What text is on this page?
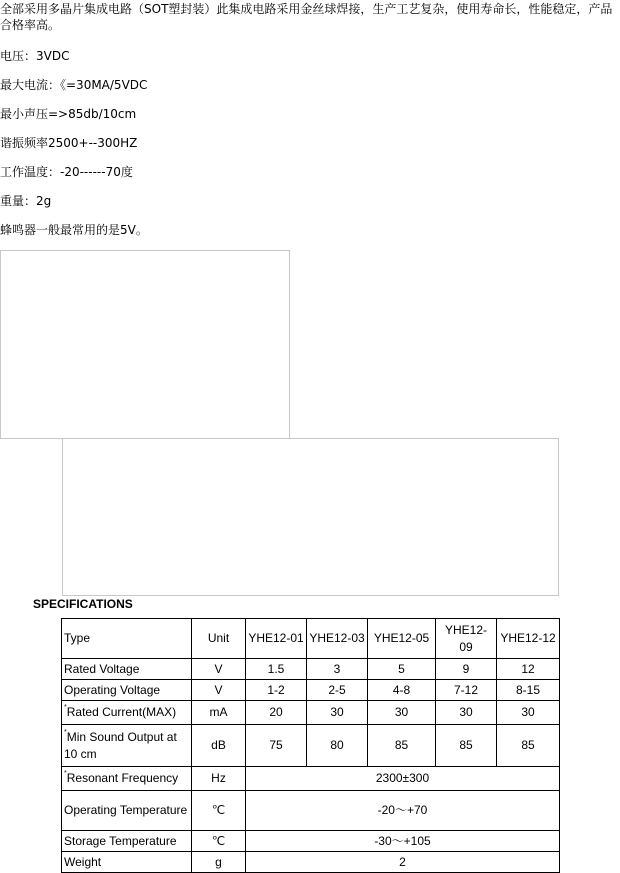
全部采用多晶片集成电路（SOT塑封装）此集成电路采用金丝球焊接，生产工艺复杂，使用寿命长，性能稳定，产品合格率高。
电压：3VDC
最大电流：《=30MA/5VDC
最小声压=>85db/10cm
谐振频率2500+--300HZ
工作温度：-20------70度
重量：2g
蜂鸣器一般最常用的是5V。
SPECIFICATIONS
Type	Unit	YHE12-01	YHE12-03	YHE12-05	YHE12-09	YHE12-12
Rated Voltage	V	1.5	3	5	9	12
Operating Voltage	V	1-2	2-5	4-8	7-12	8-15
*Rated Current(MAX)	mA	20	30	30	30	30
*Min Sound Output at 10 cm	dB	75	80	85	85	85
*Resonant Frequency	Hz	2300±300				
Operating Temperature	℃	-20～+70				
Storage Temperature	℃	-30～+105				
Weight	g	2				
